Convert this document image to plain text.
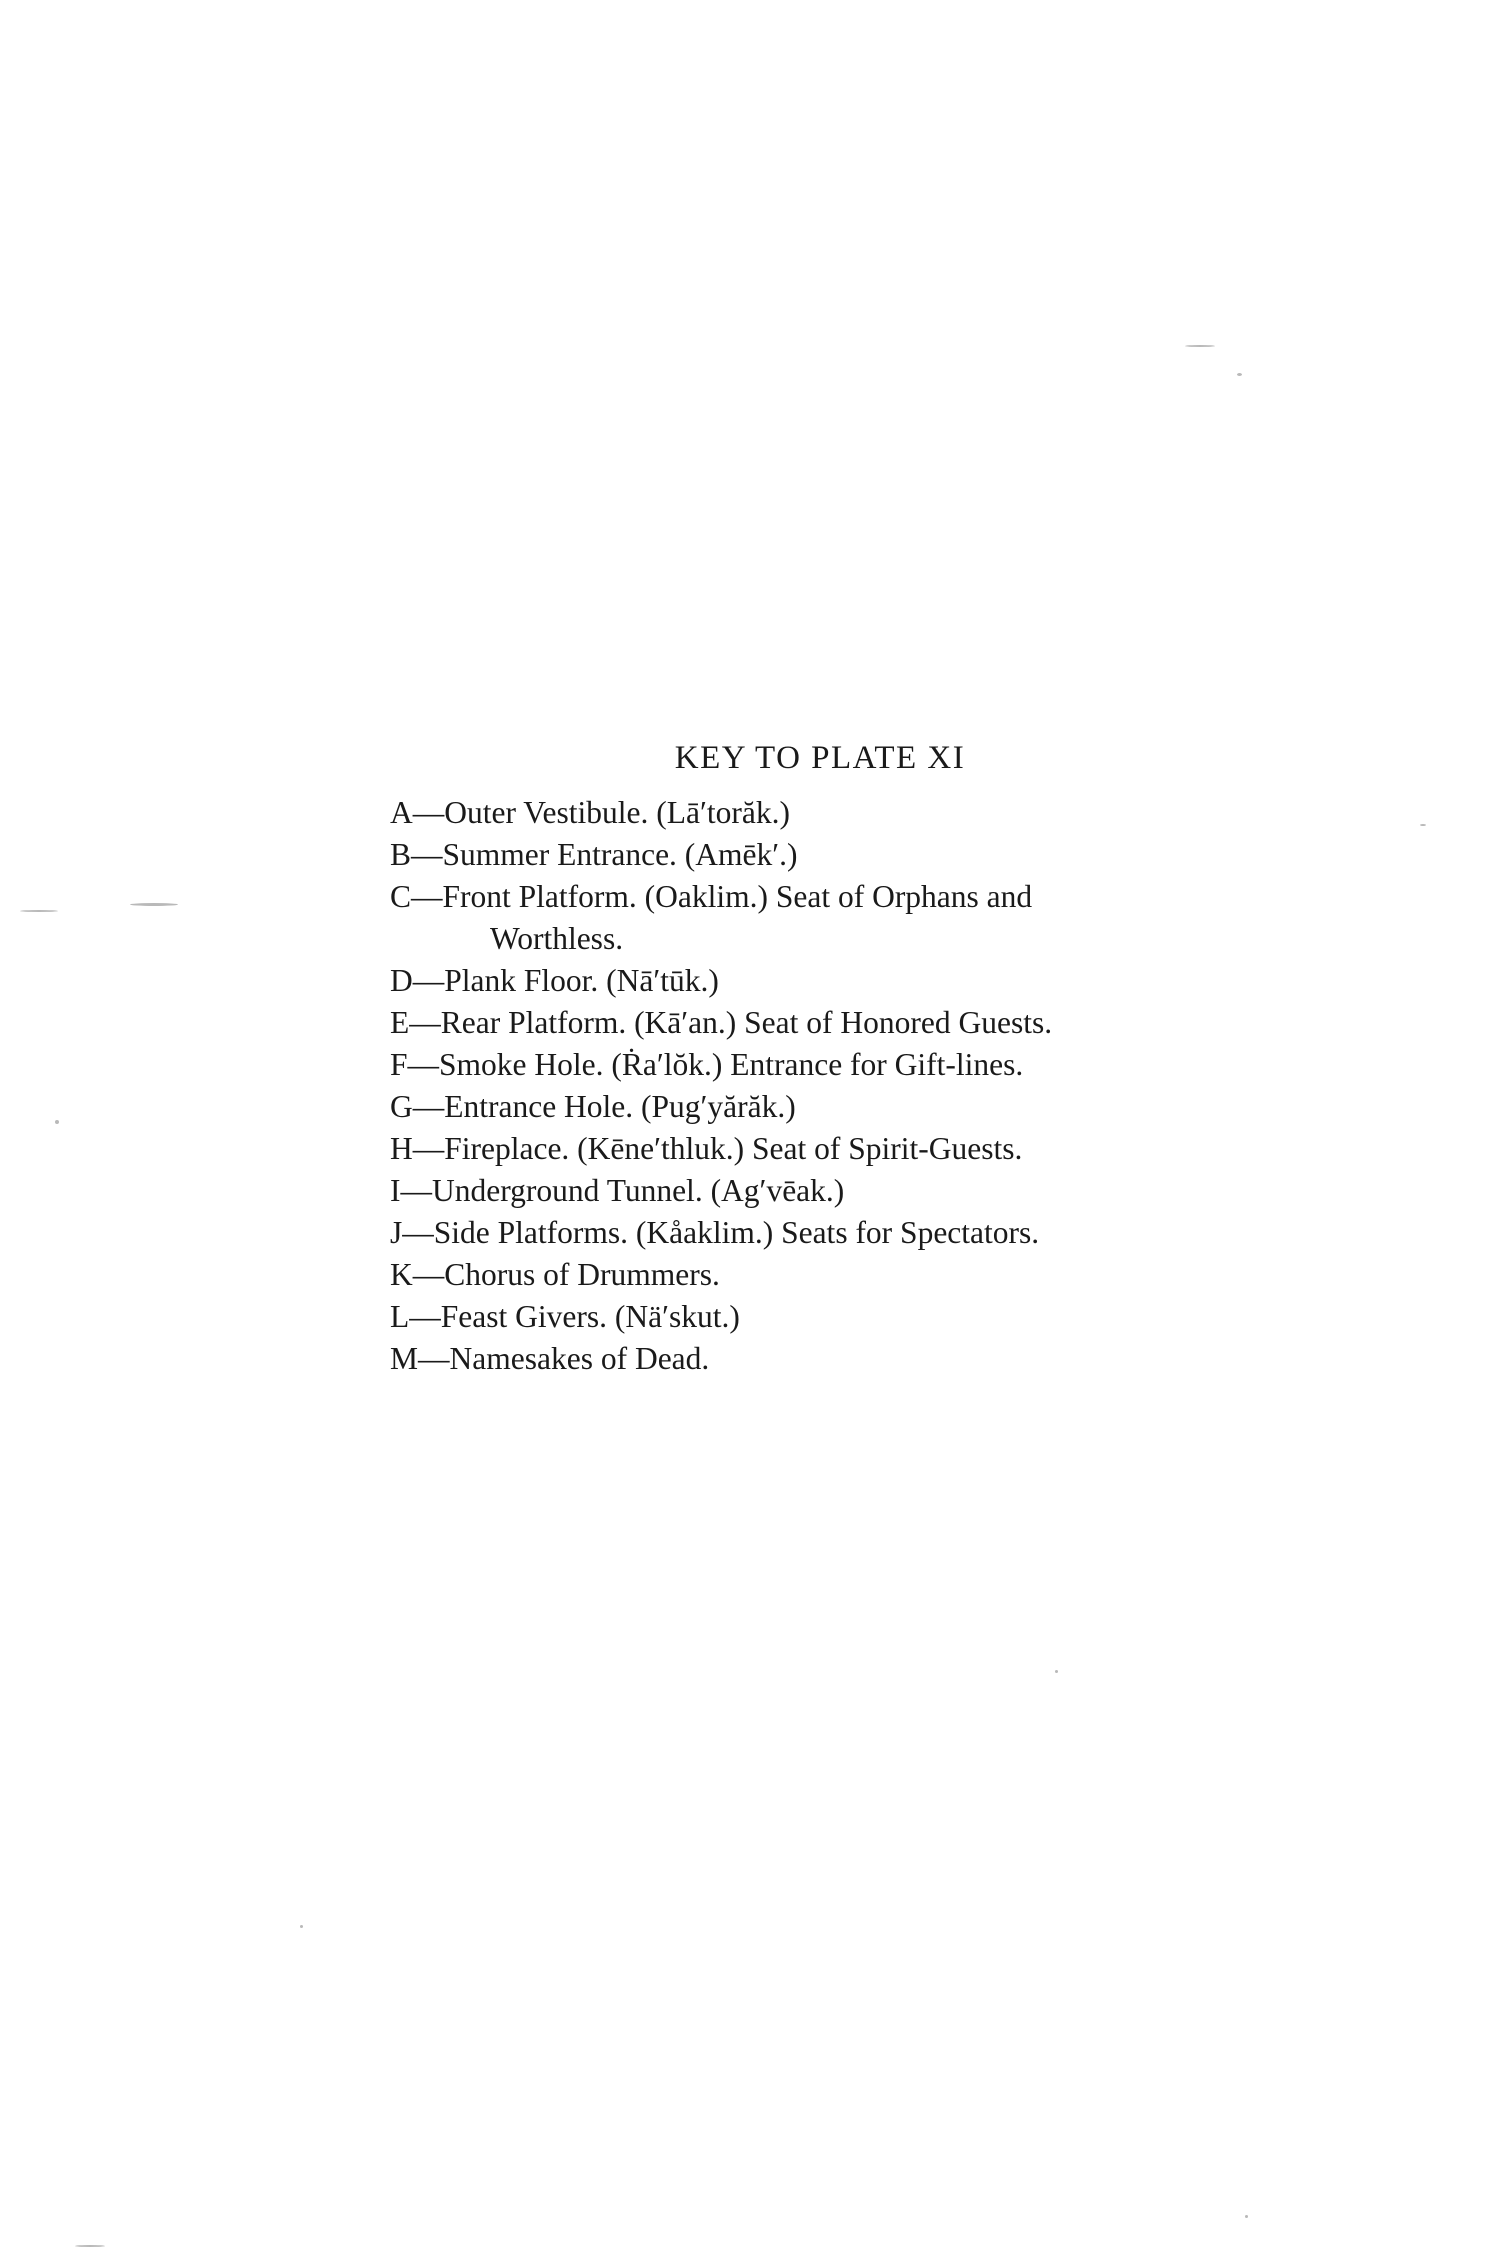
KEY TO PLATE XI
A—Outer Vestibule. (Lā′torăk.)
B—Summer Entrance. (Amēk′.)
C—Front Platform. (Oaklim.) Seat of Orphans and
Worthless.
D—Plank Floor. (Nā′tūk.)
E—Rear Platform. (Kā′an.) Seat of Honored Guests.
F—Smoke Hole. (Ṙa′lŏk.) Entrance for Gift-lines.
G—Entrance Hole. (Pug′yărăk.)
H—Fireplace. (Kēne′thluk.) Seat of Spirit-Guests.
I—Underground Tunnel. (Ag′vēak.)
J—Side Platforms. (Kåaklim.) Seats for Spectators.
K—Chorus of Drummers.
L—Feast Givers. (Nä′skut.)
M—Namesakes of Dead.
